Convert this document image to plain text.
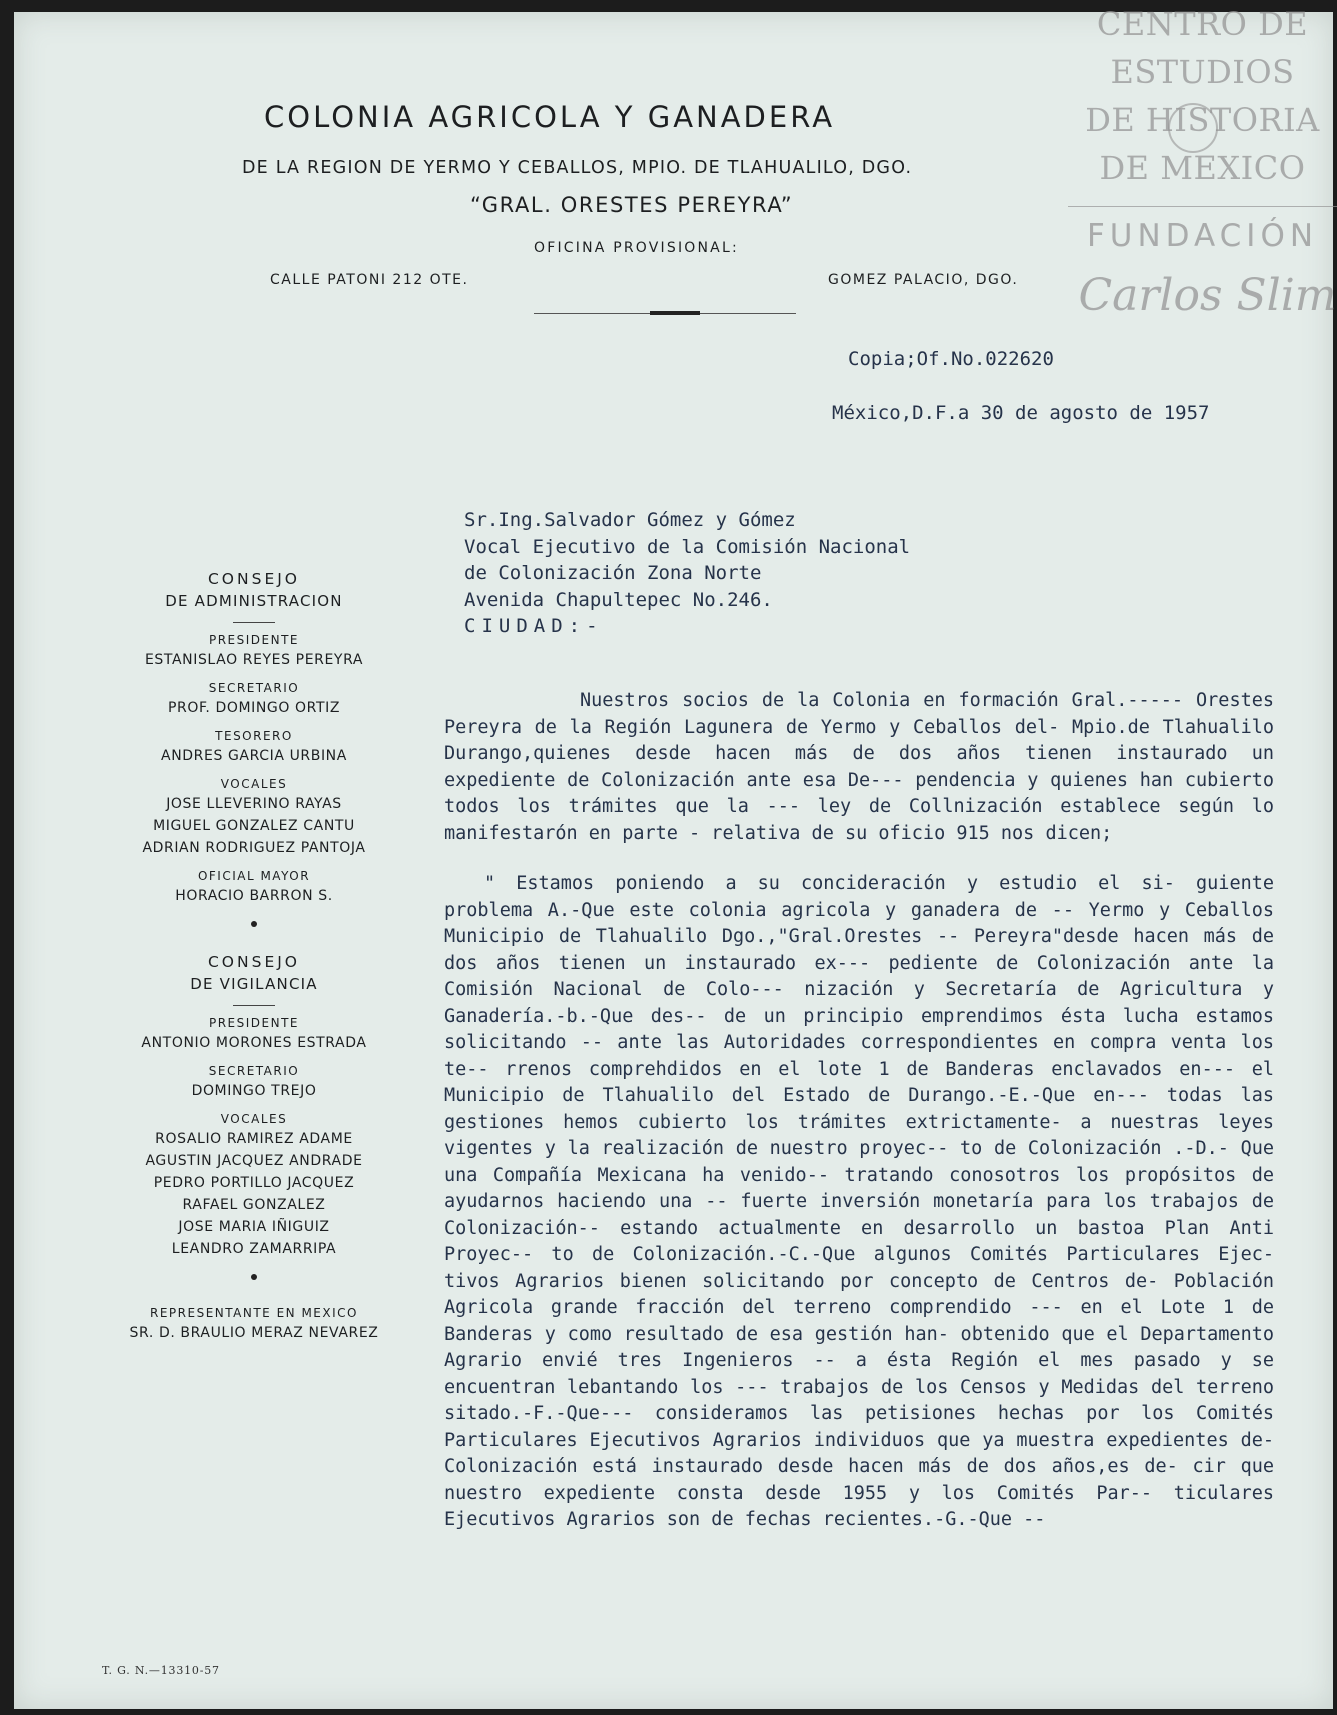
COLONIA AGRICOLA Y GANADERA
DE LA REGION DE YERMO Y CEBALLOS, MPIO. DE TLAHUALILO, DGO.
“GRAL. ORESTES PEREYRA”
OFICINA PROVISIONAL:
CALLE PATONI 212 OTE.	GOMEZ PALACIO, DGO.
CONSEJO
DE ADMINISTRACION
PRESIDENTE
ESTANISLAO REYES PEREYRA
SECRETARIO
PROF. DOMINGO ORTIZ
TESORERO
ANDRES GARCIA URBINA
VOCALES
JOSE LLEVERINO RAYAS
MIGUEL GONZALEZ CANTU
ADRIAN RODRIGUEZ PANTOJA
OFICIAL MAYOR
HORACIO BARRON S.
CONSEJO
DE VIGILANCIA
PRESIDENTE
ANTONIO MORONES ESTRADA
SECRETARIO
DOMINGO TREJO
VOCALES
ROSALIO RAMIREZ ADAME
AGUSTIN JACQUEZ ANDRADE
PEDRO PORTILLO JACQUEZ
RAFAEL GONZALEZ
JOSE MARIA IÑIGUIZ
LEANDRO ZAMARRIPA
REPRESENTANTE EN MEXICO
SR. D. BRAULIO MERAZ NEVAREZ
Copia;Of.No.022620
México,D.F.a 30 de agosto de 1957
Sr.Ing.Salvador Gómez y Gómez
Vocal Ejecutivo de la Comisión Nacional
de Colonización Zona Norte
Avenida Chapultepec No.246.
CIUDAD:-

Nuestros socios de la Colonia en formación Gral.----- Orestes Pereyra de la Región Lagunera de Yermo y Ceballos del- Mpio.de Tlahualilo Durango,quienes desde hacen más de dos años tienen instaurado un expediente de Colonización ante esa De--- pendencia y quienes han cubierto todos los trámites que la --- ley de Collnización establece según lo manifestarón en parte - relativa de su oficio 915 nos dicen;

" Estamos poniendo a su concideración y estudio el si- guiente problema A.-Que este colonia agricola y ganadera de -- Yermo y Ceballos Municipio de Tlahualilo Dgo.,"Gral.Orestes -- Pereyra"desde hacen más de dos años tienen un instaurado ex--- pediente de Colonización ante la Comisión Nacional de Colo--- nización y Secretaría de Agricultura y Ganadería.-b.-Que des-- de un principio emprendimos ésta lucha estamos solicitando -- ante las Autoridades correspondientes en compra venta los te-- rrenos comprehdidos en el lote 1 de Banderas enclavados en--- el Municipio de Tlahualilo del Estado de Durango.-E.-Que en--- todas las gestiones hemos cubierto los trámites extrictamente- a nuestras leyes vigentes y la realización de nuestro proyec-- to de Colonización .-D.- Que una Compañía Mexicana ha venido-- tratando conosotros los propósitos de ayudarnos haciendo una -- fuerte inversión monetaría para los trabajos de Colonización-- estando actualmente en desarrollo un bastoa Plan Anti Proyec-- to de Colonización.-C.-Que algunos Comités Particulares Ejec- tivos Agrarios bienen solicitando por concepto de Centros de- Población Agricola grande fracción del terreno comprendido --- en el Lote 1 de Banderas y como resultado de esa gestión han- obtenido que el Departamento Agrario envié tres Ingenieros -- a ésta Región el mes pasado y se encuentran lebantando los --- trabajos de los Censos y Medidas del terreno sitado.-F.-Que--- consideramos las petisiones hechas por los Comités Particulares Ejecutivos Agrarios individuos que ya muestra expedientes de- Colonización está instaurado desde hacen más de dos años,es de- cir que nuestro expediente consta desde 1955 y los Comités Par-- ticulares Ejecutivos Agrarios son de fechas recientes.-G.-Que --

T. G. N.—13310-57
CENTRO DE
ESTUDIOS
DE HISTORIA
DE MEXICO
FUNDACIÓN
Carlos Slim
